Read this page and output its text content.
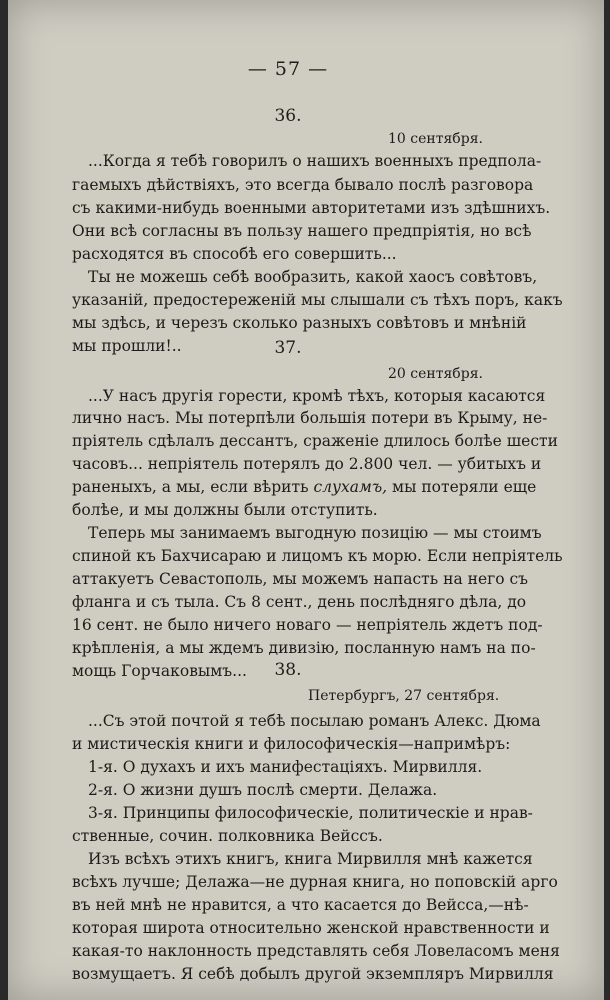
— 57 —
36.
10 сентября.
...Когда я тебѣ говорилъ о нашихъ военныхъ предпола-
гаемыхъ дѣйствіяхъ, это всегда бывало послѣ разговора
съ какими-нибудь военными авторитетами изъ здѣшнихъ.
Они всѣ согласны въ пользу нашего предпріятія, но всѣ
расходятся въ способѣ его совершить...
Ты не можешь себѣ вообразить, какой хаосъ совѣтовъ,
указаній, предостереженій мы слышали съ тѣхъ поръ, какъ
мы здѣсь, и черезъ сколько разныхъ совѣтовъ и мнѣній
мы прошли!..	37.
20 сентября.
...У насъ другія горести, кромѣ тѣхъ, которыя касаются
лично насъ. Мы потерпѣли большія потери въ Крыму, не-
пріятель сдѣлалъ дессантъ, сраженіе длилось болѣе шести
часовъ... непріятель потерялъ до 2.800 чел. — убитыхъ и
раненыхъ, а мы, если вѣрить слухамъ, мы потеряли еще
болѣе, и мы должны были отступить.
Теперь мы занимаемъ выгодную позицію — мы стоимъ
спиной къ Бахчисараю и лицомъ къ морю. Если непріятель
аттакуетъ Севастополь, мы можемъ напасть на него съ
фланга и съ тыла. Съ 8 сент., день послѣдняго дѣла, до
16 сент. не было ничего новаго — непріятель ждетъ под-
крѣпленія, а мы ждемъ дивизію, посланную намъ на по-
мощь Горчаковымъ...	38.
Петербургъ, 27 сентября.
...Съ этой почтой я тебѣ посылаю романъ Алекс. Дюма
и мистическія книги и философическія—напримѣръ:
1-я. О духахъ и ихъ манифестаціяхъ. Мирвилля.
2-я. О жизни душъ послѣ смерти. Делажа.
3-я. Принципы философическіе, политическіе и нрав-
ственные, сочин. полковника Вейссъ.
Изъ всѣхъ этихъ книгъ, книга Мирвилля мнѣ кажется
всѣхъ лучше; Делажа—не дурная книга, но поповскій арго
въ ней мнѣ не нравится, а что касается до Вейсса,—нѣ-
которая широта относительно женской нравственности и
какая-то наклонность представлять себя Ловеласомъ меня
возмущаетъ. Я себѣ добылъ другой экземпляръ Мирвилля
